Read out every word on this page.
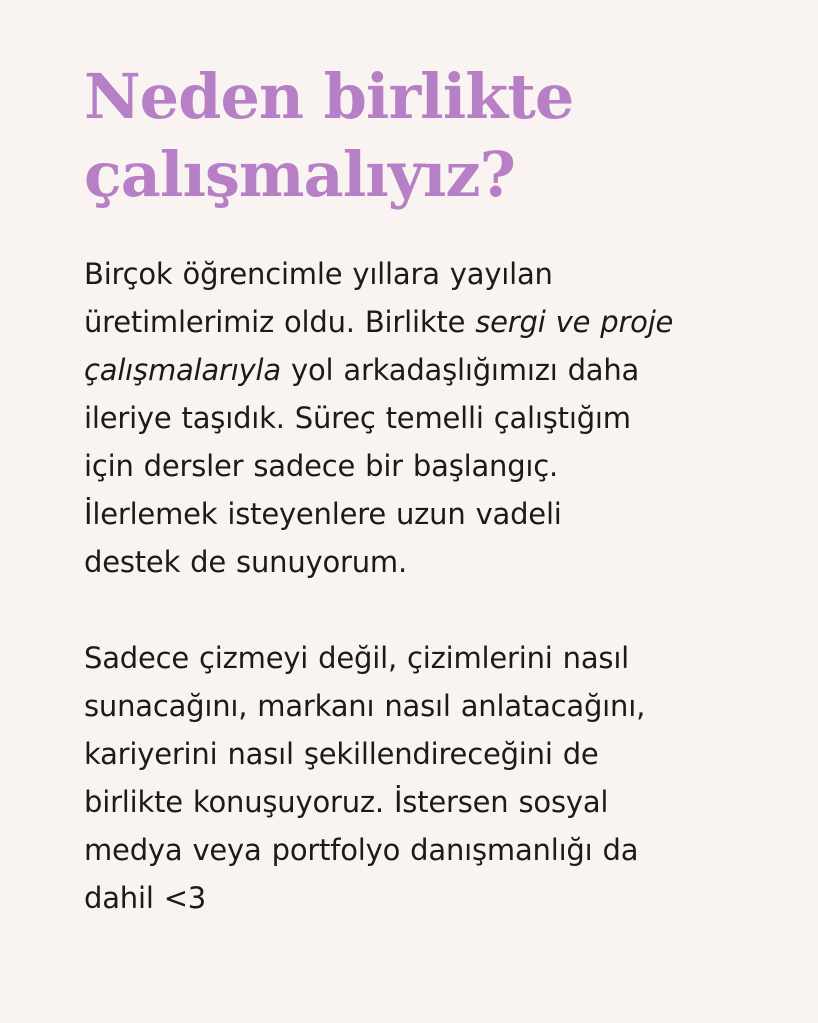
Neden birlikte çalışmalıyız?

Birçok öğrencimle yıllara yayılan
üretimlerimiz oldu. Birlikte sergi ve proje
çalışmalarıyla yol arkadaşlığımızı daha
ileriye taşıdık. Süreç temelli çalıştığım
için dersler sadece bir başlangıç.
İlerlemek isteyenlere uzun vadeli
destek de sunuyorum.

Sadece çizmeyi değil, çizimlerini nasıl
sunacağını, markanı nasıl anlatacağını,
kariyerini nasıl şekillendireceğini de
birlikte konuşuyoruz. İstersen sosyal
medya veya portfolyo danışmanlığı da
dahil <3
